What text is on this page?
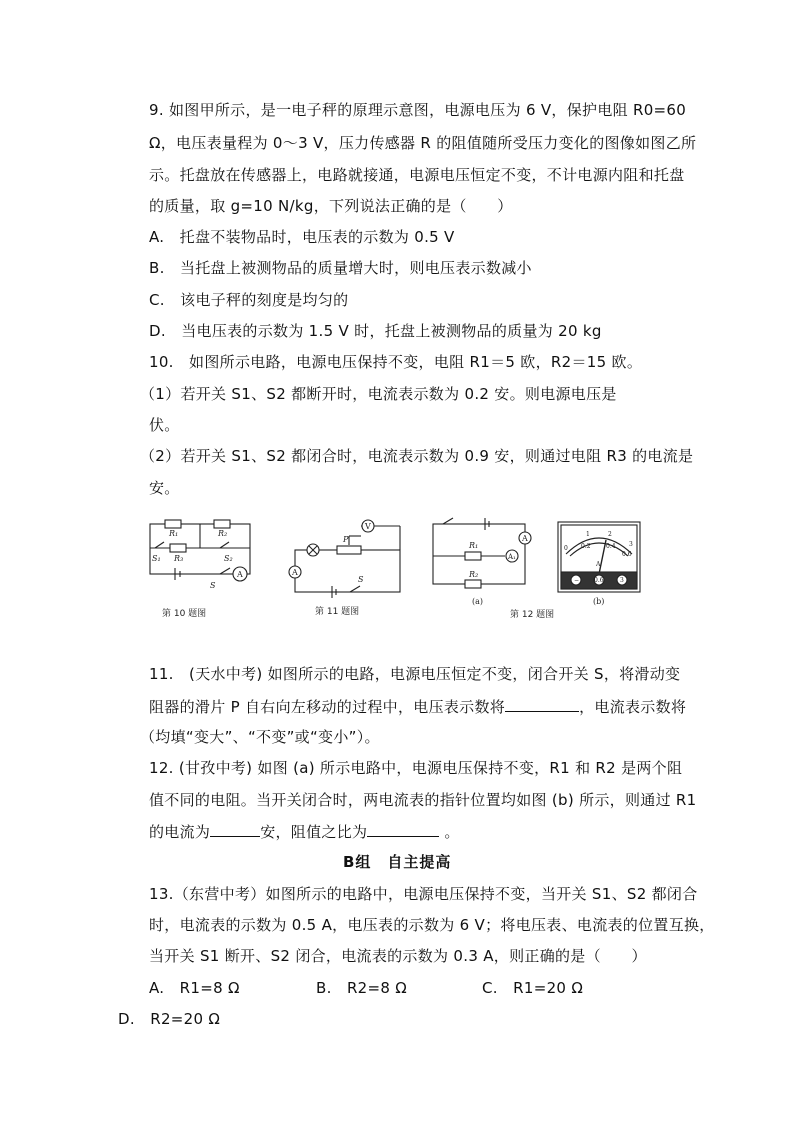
9. 如图甲所示，是一电子秤的原理示意图，电源电压为 6 V，保护电阻 R0=60
Ω，电压表量程为 0～3 V，压力传感器 R 的阻值随所受压力变化的图像如图乙所
示。托盘放在传感器上，电路就接通，电源电压恒定不变，不计电源内阻和托盘
的质量，取 g=10 N/kg，下列说法正确的是（　　）
A.　托盘不装物品时，电压表的示数为 0.5 V
B.　当托盘上被测物品的质量增大时，则电压表示数减小
C.　该电子秤的刻度是均匀的
D.　当电压表的示数为 1.5 V 时，托盘上被测物品的质量为 20 kg
10.　如图所示电路，电源电压保持不变，电阻 R1＝5 欧，R2＝15 欧。
（1）若开关 S1、S2 都断开时，电流表示数为 0.2 安。则电源电压是
伏。
（2）若开关 S1、S2 都闭合时，电流表示数为 0.9 安，则通过电阻 R3 的电流是
安。
R₁	R₂
R₃
S₁	S₂
S
A
第 10 题图
P
V
A
S
第 11 题图
R₁
R₂
A
A₁
(a)
0
1	2
3
0.2	0.4
0.6
A
− 0.6	3
(b)
第 12 题图
11.　(天水中考) 如图所示的电路，电源电压恒定不变，闭合开关 S，将滑动变
阻器的滑片 P 自右向左移动的过程中，电压表示数将	，电流表示数将
（均填“变大”、“不变”或“变小”）。
12. (甘孜中考) 如图 (a) 所示电路中，电源电压保持不变，R1 和 R2 是两个阻
值不同的电阻。当开关闭合时，两电流表的指针位置均如图 (b) 所示，则通过 R1
的电流为	安，阻值之比为	。
B组　自主提高
13.（东营中考）如图所示的电路中，电源电压保持不变，当开关 S1、S2 都闭合
时，电流表的示数为 0.5 A，电压表的示数为 6 V；将电压表、电流表的位置互换，
当开关 S1 断开、S2 闭合，电流表的示数为 0.3 A，则正确的是（　　）
A.　R1=8 Ω	B.　R2=8 Ω	C.　R1=20 Ω
D.　R2=20 Ω
